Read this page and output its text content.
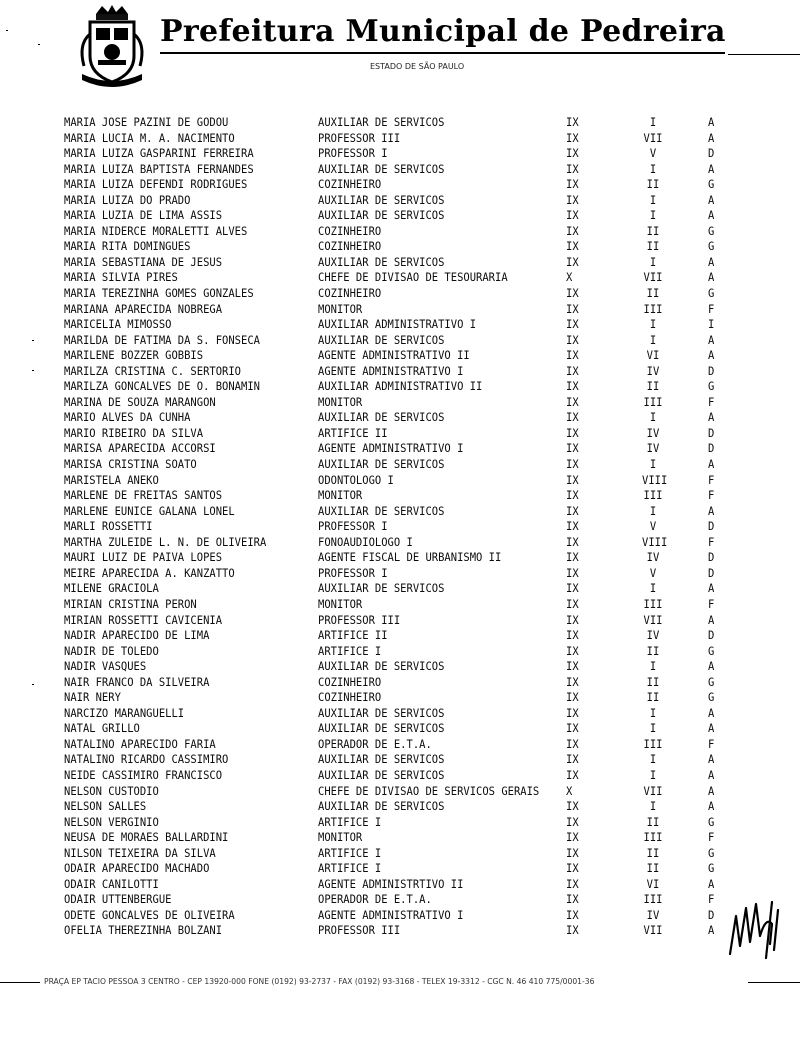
Prefeitura Municipal de Pedreira
ESTADO DE SÃO PAULO
MARIA JOSE PAZINI DE GODOU	AUXILIAR DE SERVICOS	IX	I	A
MARIA LUCIA M. A. NACIMENTO	PROFESSOR III	IX	VII	A
MARIA LUIZA GASPARINI FERREIRA	PROFESSOR I	IX	V	D
MARIA LUIZA BAPTISTA FERNANDES	AUXILIAR DE SERVICOS	IX	I	A
MARIA LUIZA DEFENDI RODRIGUES	COZINHEIRO	IX	II	G
MARIA LUIZA DO PRADO	AUXILIAR DE SERVICOS	IX	I	A
MARIA LUZIA DE LIMA ASSIS	AUXILIAR DE SERVICOS	IX	I	A
MARIA NIDERCE MORALETTI ALVES	COZINHEIRO	IX	II	G
MARIA RITA DOMINGUES	COZINHEIRO	IX	II	G
MARIA SEBASTIANA DE JESUS	AUXILIAR DE SERVICOS	IX	I	A
MARIA SILVIA PIRES	CHEFE DE DIVISAO DE TESOURARIA	X	VII	A
MARIA TEREZINHA GOMES GONZALES	COZINHEIRO	IX	II	G
MARIANA APARECIDA NOBREGA	MONITOR	IX	III	F
MARICELIA MIMOSSO	AUXILIAR ADMINISTRATIVO I	IX	I	I
MARILDA DE FATIMA DA S. FONSECA	AUXILIAR DE SERVICOS	IX	I	A
MARILENE BOZZER GOBBIS	AGENTE ADMINISTRATIVO II	IX	VI	A
MARILZA CRISTINA C. SERTORIO	AGENTE ADMINISTRATIVO I	IX	IV	D
MARILZA GONCALVES DE O. BONAMIN	AUXILIAR ADMINISTRATIVO II	IX	II	G
MARINA DE SOUZA MARANGON	MONITOR	IX	III	F
MARIO ALVES DA CUNHA	AUXILIAR DE SERVICOS	IX	I	A
MARIO RIBEIRO DA SILVA	ARTIFICE II	IX	IV	D
MARISA APARECIDA ACCORSI	AGENTE ADMINISTRATIVO I	IX	IV	D
MARISA CRISTINA SOATO	AUXILIAR DE SERVICOS	IX	I	A
MARISTELA ANEKO	ODONTOLOGO I	IX	VIII	F
MARLENE DE FREITAS SANTOS	MONITOR	IX	III	F
MARLENE EUNICE GALANA LONEL	AUXILIAR DE SERVICOS	IX	I	A
MARLI ROSSETTI	PROFESSOR I	IX	V	D
MARTHA ZULEIDE L. N. DE OLIVEIRA	FONOAUDIOLOGO I	IX	VIII	F
MAURI LUIZ DE PAIVA LOPES	AGENTE FISCAL DE URBANISMO II	IX	IV	D
MEIRE APARECIDA A. KANZATTO	PROFESSOR I	IX	V	D
MILENE GRACIOLA	AUXILIAR DE SERVICOS	IX	I	A
MIRIAN CRISTINA PERON	MONITOR	IX	III	F
MIRIAN ROSSETTI CAVICENIA	PROFESSOR III	IX	VII	A
NADIR APARECIDO DE LIMA	ARTIFICE II	IX	IV	D
NADIR DE TOLEDO	ARTIFICE I	IX	II	G
NADIR VASQUES	AUXILIAR DE SERVICOS	IX	I	A
NAIR FRANCO DA SILVEIRA	COZINHEIRO	IX	II	G
NAIR NERY	COZINHEIRO	IX	II	G
NARCIZO MARANGUELLI	AUXILIAR DE SERVICOS	IX	I	A
NATAL GRILLO	AUXILIAR DE SERVICOS	IX	I	A
NATALINO APARECIDO FARIA	OPERADOR DE E.T.A.	IX	III	F
NATALINO RICARDO CASSIMIRO	AUXILIAR DE SERVICOS	IX	I	A
NEIDE CASSIMIRO FRANCISCO	AUXILIAR DE SERVICOS	IX	I	A
NELSON CUSTODIO	CHEFE DE DIVISAO DE SERVICOS GERAIS	X	VII	A
NELSON SALLES	AUXILIAR DE SERVICOS	IX	I	A
NELSON VERGINIO	ARTIFICE I	IX	II	G
NEUSA DE MORAES BALLARDINI	MONITOR	IX	III	F
NILSON TEIXEIRA DA SILVA	ARTIFICE I	IX	II	G
ODAIR APARECIDO MACHADO	ARTIFICE I	IX	II	G
ODAIR CANILOTTI	AGENTE ADMINISTRTIVO II	IX	VI	A
ODAIR UTTENBERGUE	OPERADOR DE E.T.A.	IX	III	F
ODETE GONCALVES DE OLIVEIRA	AGENTE ADMINISTRATIVO I	IX	IV	D
OFELIA THEREZINHA BOLZANI	PROFESSOR III	IX	VII	A
PRAÇA EP TACIO PESSOA 3 CENTRO - CEP 13920-000 FONE (0192) 93-2737 - FAX (0192) 93-3168 - TELEX 19-3312 - CGC N. 46 410 775/0001-36
